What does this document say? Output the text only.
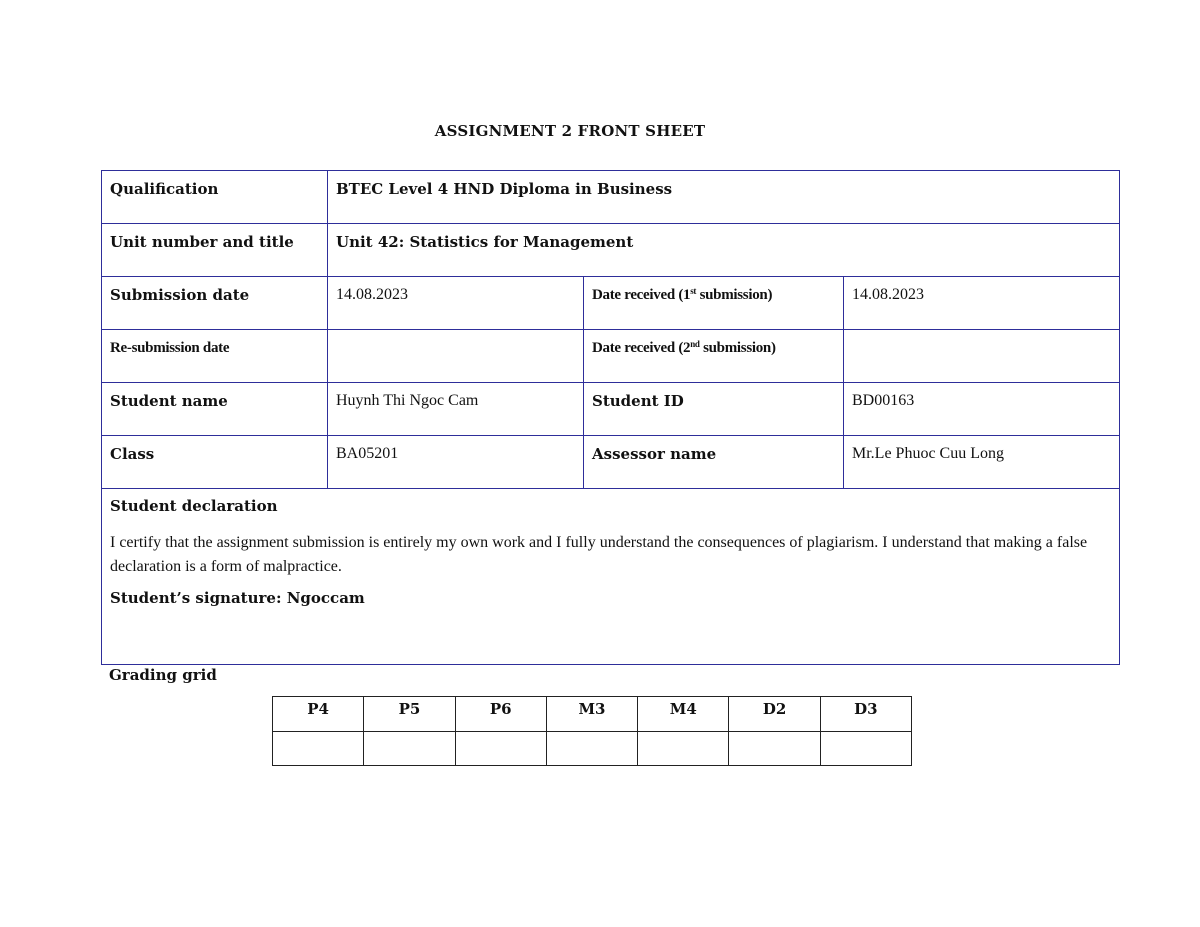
ASSIGNMENT 2 FRONT SHEET
Qualification	BTEC Level 4 HND Diploma in Business		
Unit number and title	Unit 42: Statistics for Management		
Submission date	14.08.2023	Date received (1st submission)	14.08.2023
Re-submission date		Date received (2nd submission)	
Student name	Huynh Thi Ngoc Cam	Student ID	BD00163
Class	BA05201	Assessor name	Mr.Le Phuoc Cuu Long

Student declaration
I certify that the assignment submission is entirely my own work and I fully understand the consequences of plagiarism. I understand that making a false declaration is a form of malpractice.
Student’s signature: Ngoccam			
Grading grid
P4	P5	P6	M3	M4	D2	D3
